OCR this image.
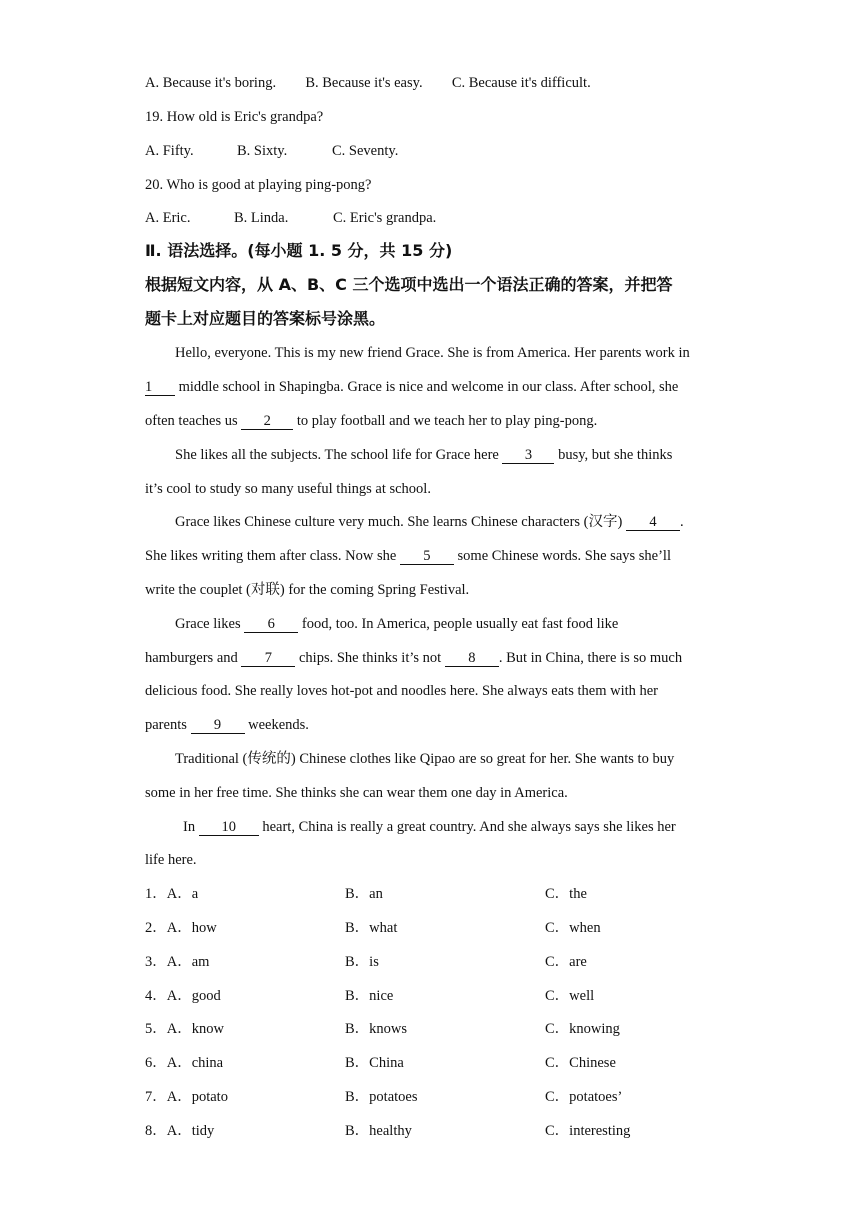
A. Because it's boring. B. Because it's easy. C. Because it's difficult.
19. How old is Eric's grandpa?
A. Fifty.	B. Sixty.	C. Seventy.
20. Who is good at playing ping-pong?
A. Eric.	B. Linda.	C. Eric's grandpa.
Ⅱ. 语法选择。(每小题 1. 5 分，共 15 分)
根据短文内容，从 A、B、C 三个选项中选出一个语法正确的答案，并把答
题卡上对应题目的答案标号涂黑。
Hello, everyone. This is my new friend Grace. She is from America. Her parents work in
1 middle school in Shapingba. Grace is nice and welcome in our class. After school, she
often teaches us 2 to play football and we teach her to play ping-pong.
She likes all the subjects. The school life for Grace here 3 busy, but she thinks
it’s cool to study so many useful things at school.
Grace likes Chinese culture very much. She learns Chinese characters (汉字) 4 .
She likes writing them after class. Now she 5 some Chinese words. She says she’ll
write the couplet (对联) for the coming Spring Festival.
Grace likes 6 food, too. In America, people usually eat fast food like
hamburgers and 7 chips. She thinks it’s not 8 . But in China, there is so much
delicious food. She really loves hot-pot and noodles here. She always eats them with her
parents 9 weekends.
Traditional (传统的) Chinese clothes like Qipao are so great for her. She wants to buy
some in her free time. She thinks she can wear them one day in America.
In 10 heart, China is really a great country. And she always says she likes her
life here.
1．A．a	B．an	C．the
2．A．how	B．what	C．when
3．A．am	B．is	C．are
4．A．good	B．nice	C．well
5．A．know	B．knows	C．knowing
6．A．china	B．China	C．Chinese
7．A．potato	B．potatoes	C．potatoes’
8．A．tidy	B．healthy	C．interesting
